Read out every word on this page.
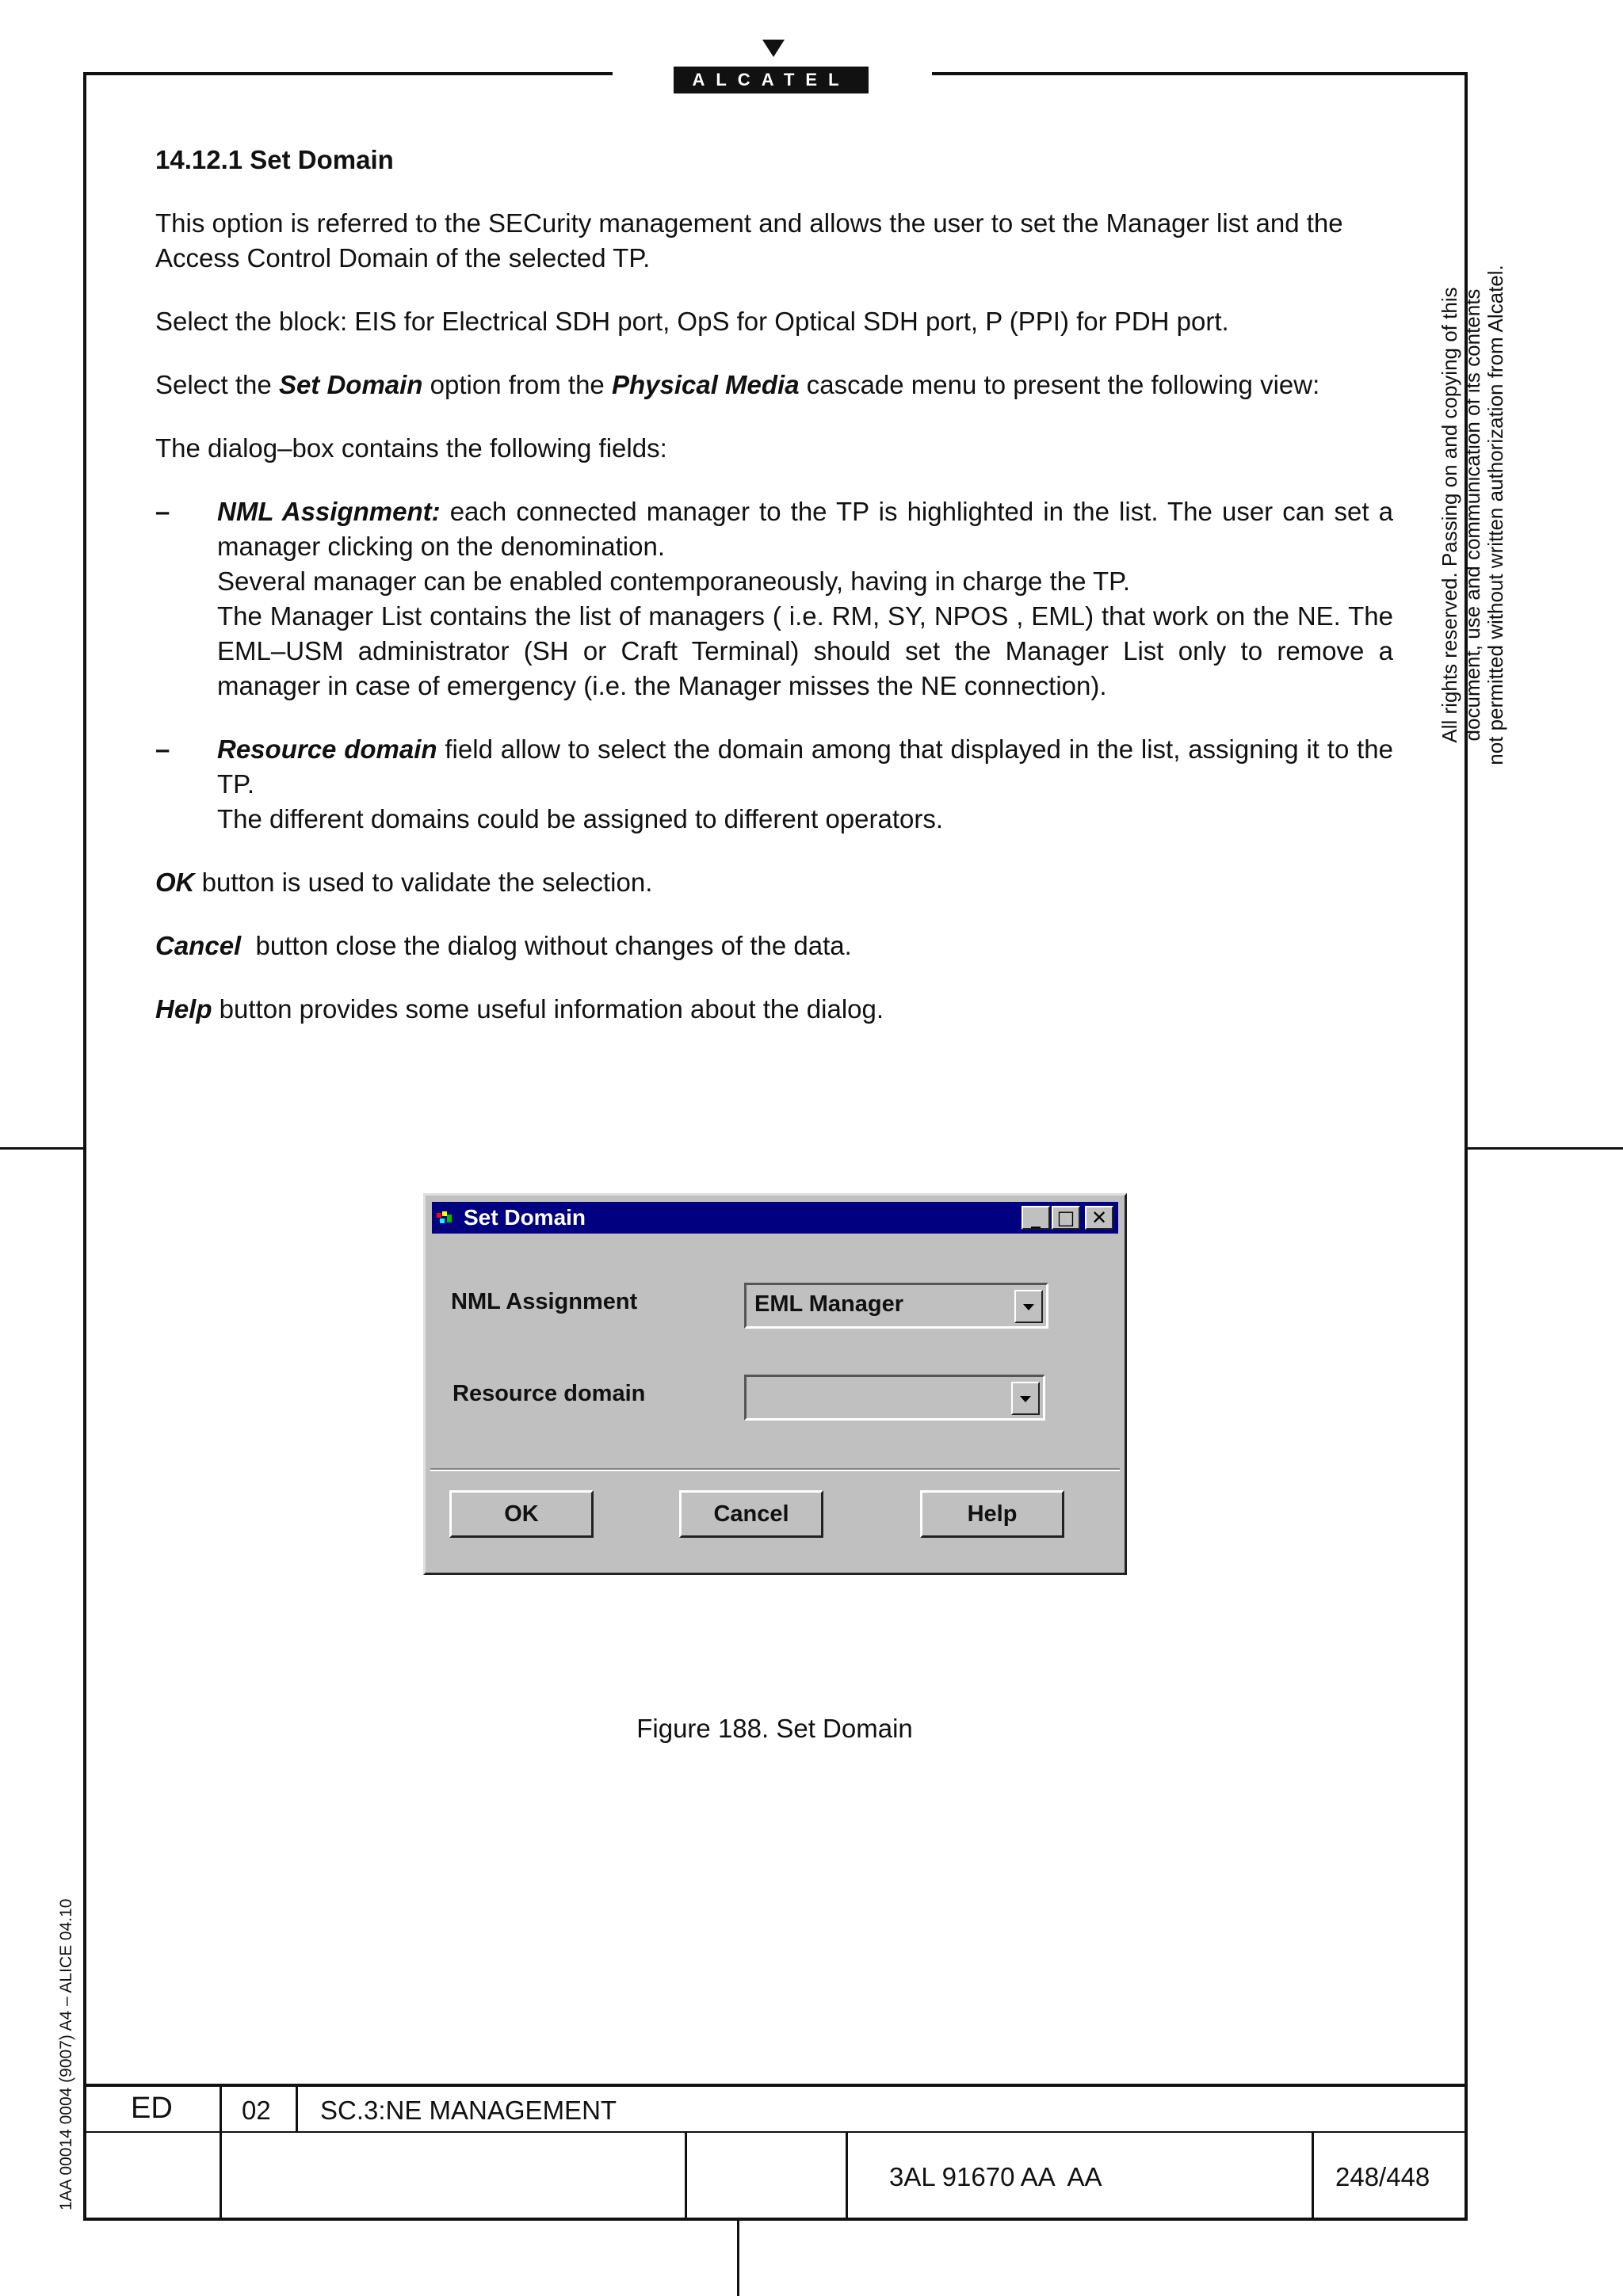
ALCATEL

14.12.1 Set Domain

This option is referred to the SECurity management and allows the user to set the Manager list and the Access Control Domain of the selected TP.

Select the block: EIS for Electrical SDH port, OpS for Optical SDH port, P (PPI) for PDH port.

Select the Set Domain option from the Physical Media cascade menu to present the following view:

The dialog–box contains the following fields:

– NML Assignment: each connected manager to the TP is highlighted in the list. The user can set a manager clicking on the denomination.
Several manager can be enabled contemporaneously, having in charge the TP.
The Manager List contains the list of managers ( i.e. RM, SY, NPOS , EML) that work on the NE. The EML–USM administrator (SH or Craft Terminal) should set the Manager List only to remove a manager in case of emergency (i.e. the Manager misses the NE connection).
– Resource domain field allow to select the domain among that displayed in the list, assigning it to the TP.
The different domains could be assigned to different operators.

OK button is used to validate the selection.

Cancel  button close the dialog without changes of the data.

Help button provides some useful information about the dialog.

All rights reserved. Passing on and copying of this document, use and communication of its contents not permitted without written authorization from Alcatel.
1AA 00014 0004 (9007) A4 – ALICE 04.10
Set Domain	_ □ ✕
NML Assignment	EML Manager
Resource domain
OK	Cancel	Help
Figure 188. Set Domain
ED	02 SC.3:NE MANAGEMENT
3AL 91670 AA  AA	248/448
